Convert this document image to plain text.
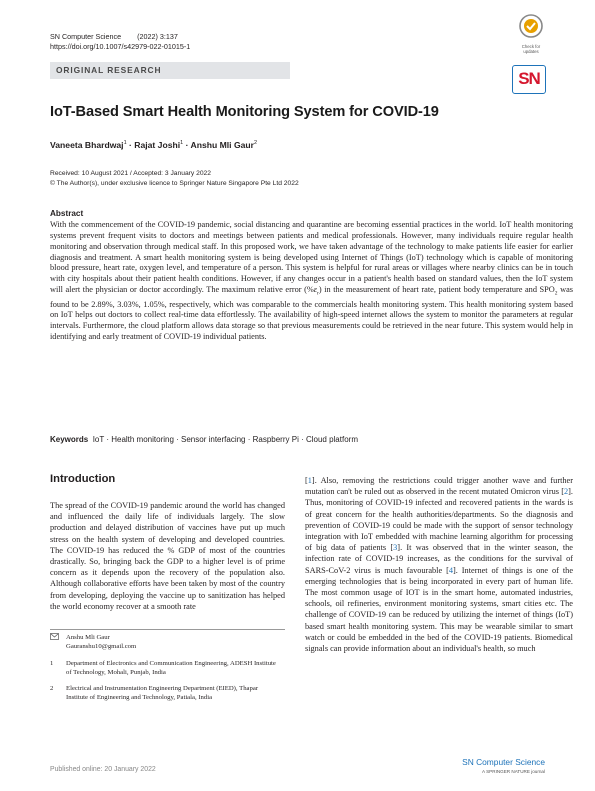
SN Computer Science        (2022) 3:137
https://doi.org/10.1007/s42979-022-01015-1	Check for updates
ORIGINAL RESEARCH	SN
IoT-Based Smart Health Monitoring System for COVID-19
Vaneeta Bhardwaj$^1$ · Rajat Joshi$^1$ · Anshu Mli Gaur$^2$
Received: 10 August 2021 / Accepted: 3 January 2022
© The Author(s), under exclusive licence to Springer Nature Singapore Pte Ltd 2022
Abstract
With the commencement of the COVID-19 pandemic, social distancing and quarantine are becoming essential practices in the world. IoT health monitoring systems prevent frequent visits to doctors and meetings between patients and medical professionals. However, many individuals require regular health monitoring and observation through medical staff. In this proposed work, we have taken advantage of the technology to make patients life easier for earlier diagnosis and treatment. A smart health monitoring system is being developed using Internet of Things (IoT) technology which is capable of monitoring blood pressure, heart rate, oxygen level, and temperature of a person. This system is helpful for rural areas or villages where nearby clinics can be in touch with city hospitals about their patient health conditions. However, if any changes occur in a patient's health based on standard values, then the IoT system will alert the physician or doctor accordingly. The maximum relative error $(\%\varepsilon_r)$ in the measurement of heart rate, patient body temperature and $SPO_2$ was found to be 2.89%, 3.03%, 1.05%, respectively, which was comparable to the commercials health monitoring system. This health monitoring system based on IoT helps out doctors to collect real-time data effortlessly. The availability of high-speed internet allows the system to monitor the parameters at regular intervals. Furthermore, the cloud platform allows data storage so that previous measurements could be retrieved in the near future. This system would help in identifying and early treatment of COVID-19 individual patients.
Keywords IoT · Health monitoring · Sensor interfacing · Raspberry Pi · Cloud platform
Introduction
The spread of the COVID-19 pandemic around the world has changed and influenced the daily life of individuals largely. The slow production and delayed distribution of vaccines have put up much stress on the health system of developing and developed countries. The COVID-19 has reduced the % GDP of most of the countries drastically. So, bringing back the GDP to a higher level is of prime concern as it depends upon the recovery of the population also. Although collaborative efforts have been taken by most of the country from developing, deploying the vaccine up to sanitization has helped the world economy recover at a smooth rate
[1]. Also, removing the restrictions could trigger another wave and further mutation can't be ruled out as observed in the recent mutated Omicron virus [2]. Thus, monitoring of COVID-19 infected and recovered patients in the wards is of great concern for the health authorities/departments. So the diagnosis and prevention of COVID-19 could be made with the support of sensor technology integration with IoT embedded with machine learning algorithm for processing of big data of patients [3]. It was observed that in the winter season, the infection rate of COVID-19 increases, as the conditions for the survival of SARS-CoV-2 virus is much favourable [4]. Internet of things is one of the emerging technologies that is being incorporated in every part of human life. The most common usage of IOT is in the smart home, automated industries, schools, oil refineries, environment monitoring systems, smart cities etc. The challenge of COVID-19 can be reduced by utilizing the internet of things (IoT) based smart health monitoring system. This may be wearable similar to smart watch or could be embedded in the bed of the COVID-19 patients. Biomedical signals can provide information about an individual's health, so much
Anshu Mli Gaur
Gauranshu10@gmail.com
1 Department of Electronics and Communication Engineering, ADESH Institute of Technology, Mohali, Punjab, India
2 Electrical and Instrumentation Engineering Department (EIED), Thapar Institute of Engineering and Technology, Patiala, India
Published online: 20 January 2022
SN Computer Science
A SPRINGER NATURE journal
